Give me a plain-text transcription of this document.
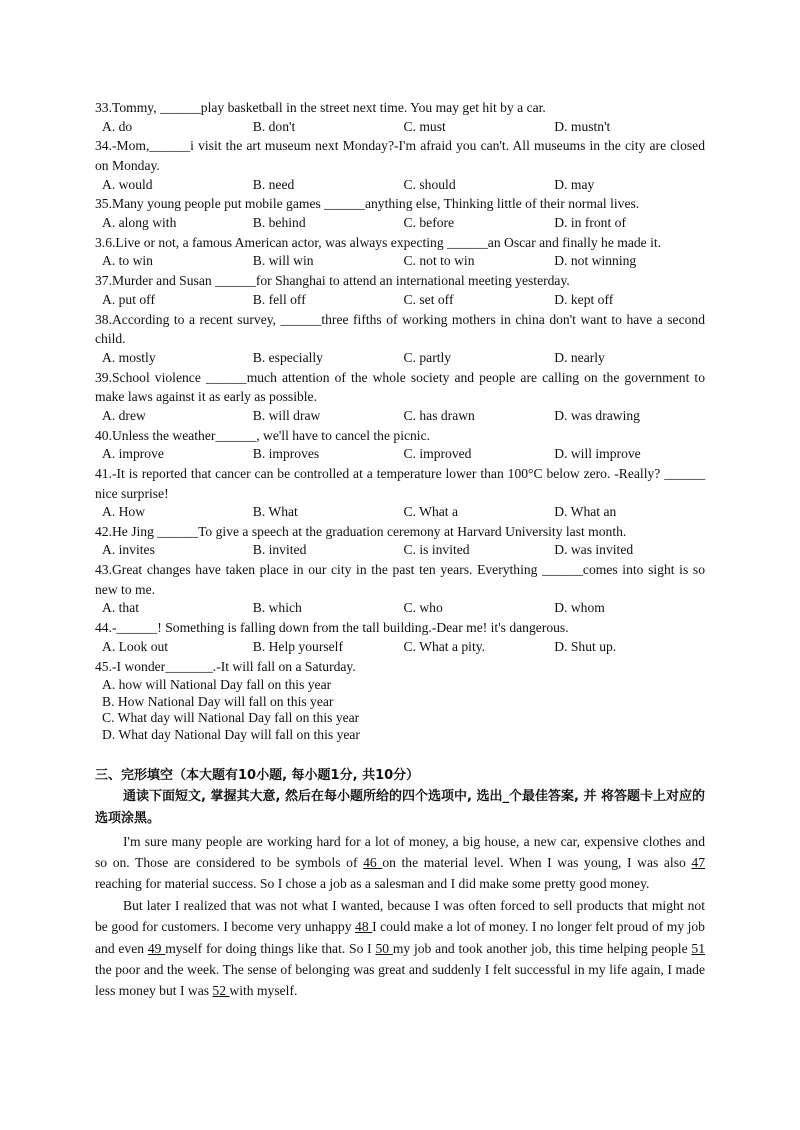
33.Tommy, ______play basketball in the street next time. You may get hit by a car.
A. do	B. don't	C. must	D. mustn't
34.-Mom,______i visit the art museum next Monday?-I'm afraid you can't. All museums in the city are closed on Monday.
A. would	B. need	C. should	D. may
35.Many young people put mobile games ______anything else, Thinking little of their normal lives.
A. along with	B. behind	C. before	D. in front of
3.6.Live or not, a famous American actor, was always expecting ______an Oscar and finally he made it.
A. to win	B. will win	C. not to win	D. not winning
37.Murder and Susan ______for Shanghai to attend an international meeting yesterday.
A. put off	B. fell off	C. set off	D. kept off
38.According to a recent survey, ______three fifths of working mothers in china don't want to have a second child.
A. mostly	B. especially	C. partly	D. nearly
39.School violence ______much attention of the whole society and people are calling on the government to make laws against it as early as possible.
A. drew	B. will draw	C. has drawn	D. was drawing
40.Unless the weather______, we'll have to cancel the picnic.
A. improve	B. improves	C. improved	D. will improve
41.-It is reported that cancer can be controlled at a temperature lower than 100°C below zero. -Really? ______ nice surprise!
A. How	B. What	C. What a	D. What an
42.He Jing ______To give a speech at the graduation ceremony at Harvard University last month.
A. invites	B. invited	C. is invited	D. was invited
43.Great changes have taken place in our city in the past ten years. Everything ______comes into sight is so new to me.
A. that	B. which	C. who	D. whom
44.-______! Something is falling down from the tall building.-Dear me! it's dangerous.
A. Look out	B. Help yourself	C. What a pity.	D. Shut up.
45.-I wonder_______.-It will fall on a Saturday.
A. how will National Day fall on this year
B. How National Day will fall on this year
C. What day will National Day fall on this year
D. What day National Day will fall on this year
三、完形填空（本大题有10小题, 每小题1分, 共10分）
通读下面短文, 掌握其大意, 然后在每小题所给的四个选项中, 选出_个最佳答案, 并 将答题卡上对应的选项涂黑。
I'm sure many people are working hard for a lot of money, a big house, a new car, expensive clothes and so on. Those are considered to be symbols of 46 on the material level. When I was young, I was also 47 reaching for material success. So I chose a job as a salesman and I did make some pretty good money.
But later I realized that was not what I wanted, because I was often forced to sell products that might not be good for customers. I become very unhappy 48 I could make a lot of money. I no longer felt proud of my job and even 49 myself for doing things like that. So I 50 my job and took another job, this time helping people 51 the poor and the week. The sense of belonging was great and suddenly I felt successful in my life again, I made less money but I was 52 with myself.
